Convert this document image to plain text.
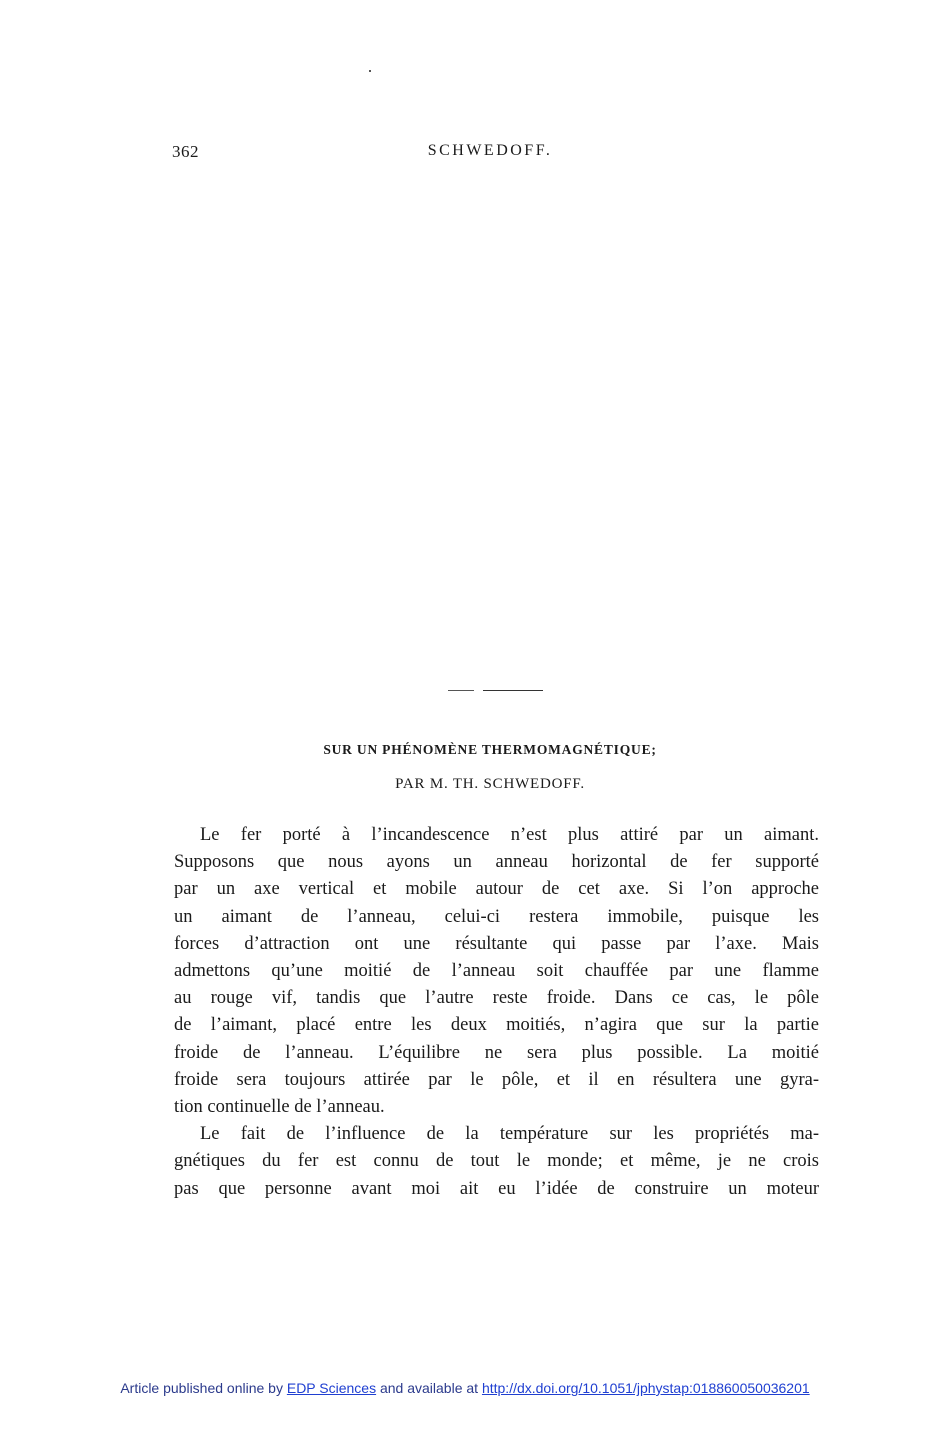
362	SCHWEDOFF.
SUR UN PHÉNOMÈNE THERMOMAGNÉTIQUE;
PAR M. TH. SCHWEDOFF.
Le fer porté à l’incandescence n’est plus attiré par un aimant.
Supposons que nous ayons un anneau horizontal de fer supporté
par un axe vertical et mobile autour de cet axe. Si l’on approche
un aimant de l’anneau, celui-ci restera immobile, puisque les
forces d’attraction ont une résultante qui passe par l’axe. Mais
admettons qu’une moitié de l’anneau soit chauffée par une flamme
au rouge vif, tandis que l’autre reste froide. Dans ce cas, le pôle
de l’aimant, placé entre les deux moitiés, n’agira que sur la partie
froide de l’anneau. L’équilibre ne sera plus possible. La moitié
froide sera toujours attirée par le pôle, et il en résultera une gyra-
tion continuelle de l’anneau.
Le fait de l’influence de la température sur les propriétés ma-
gnétiques du fer est connu de tout le monde; et même, je ne crois
pas que personne avant moi ait eu l’idée de construire un moteur
Article published online by EDP Sciences and available at http://dx.doi.org/10.1051/jphystap:018860050036201
